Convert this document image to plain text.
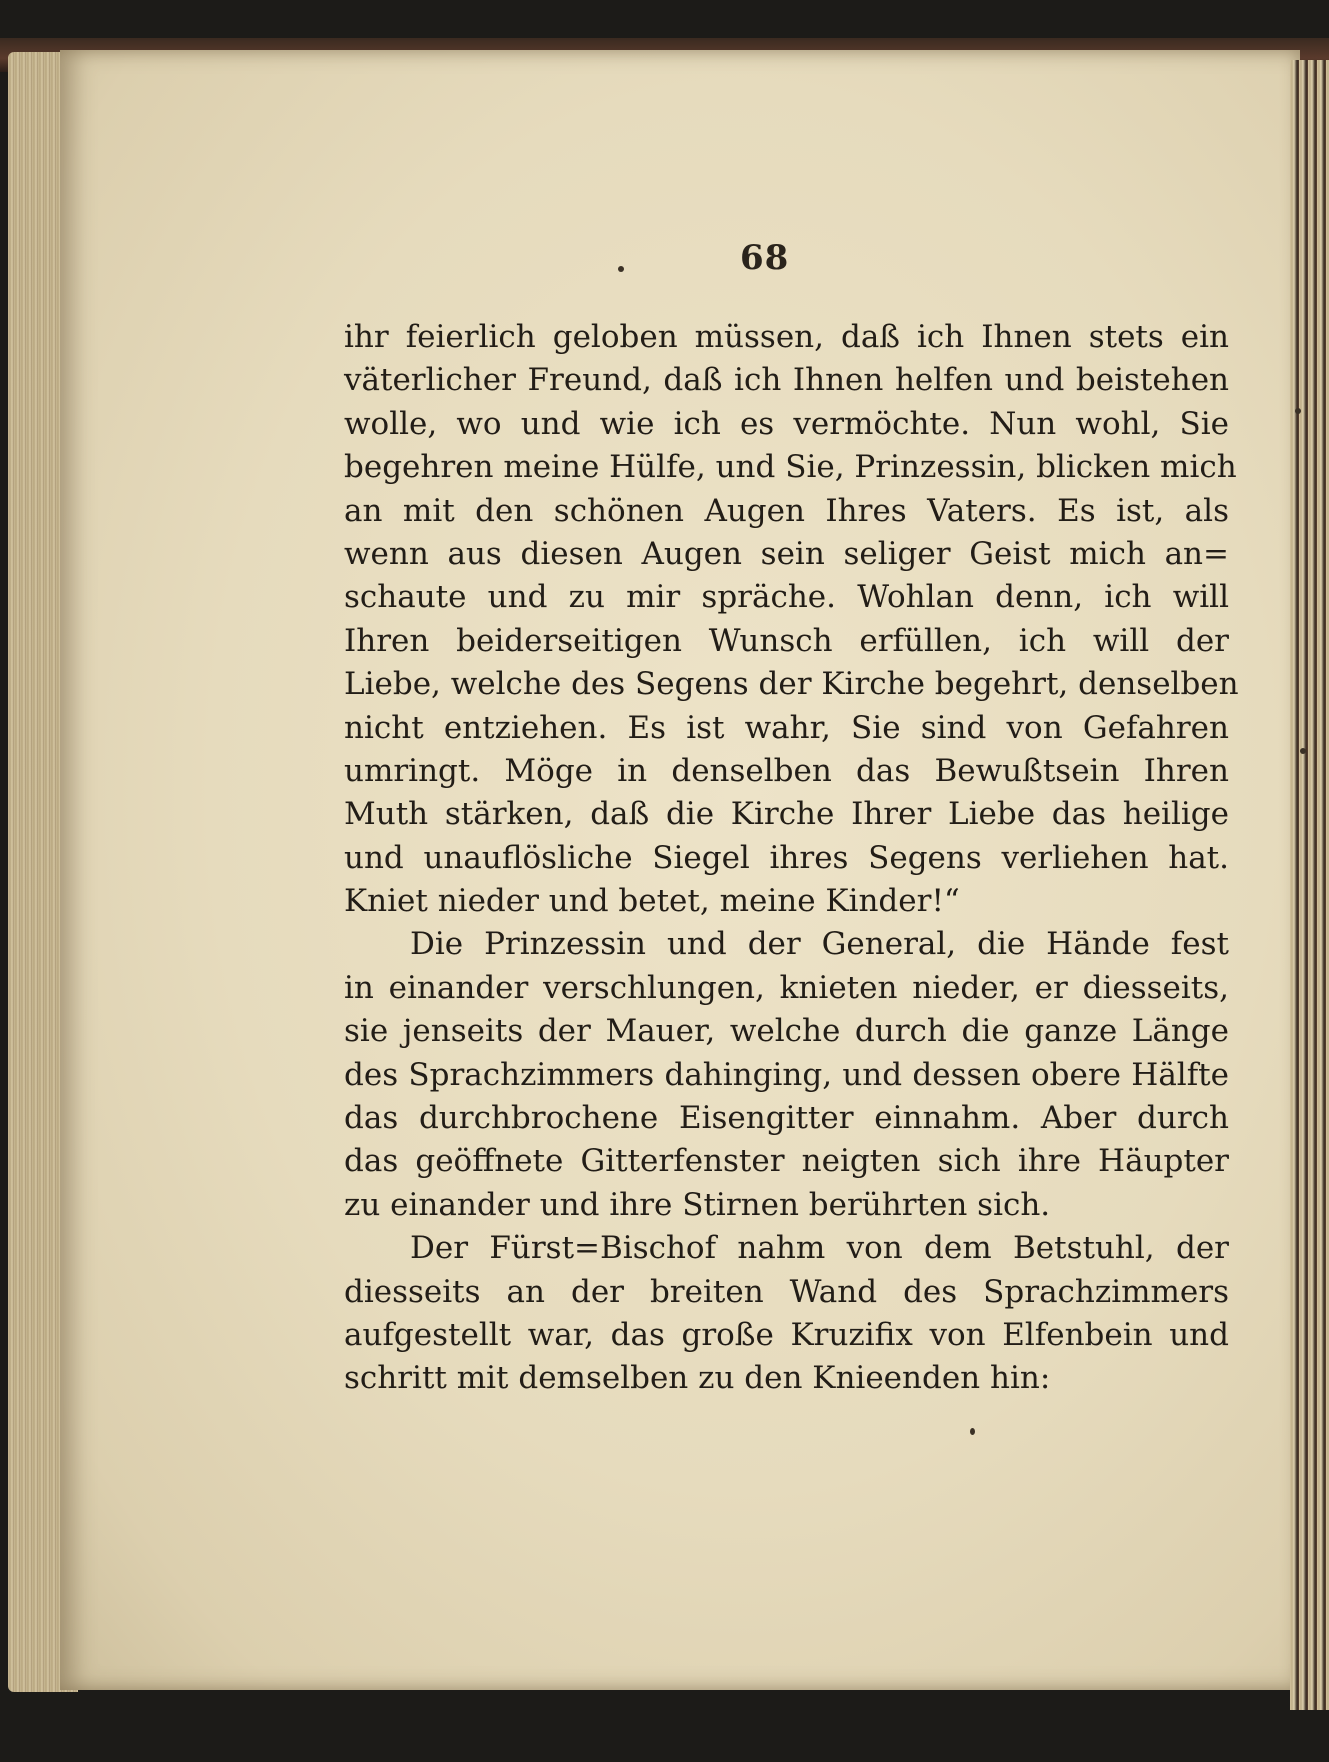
68
ihr feierlich geloben müssen, daß ich Ihnen stets ein
väterlicher Freund, daß ich Ihnen helfen und beistehen
wolle, wo und wie ich es vermöchte. Nun wohl, Sie
begehren meine Hülfe, und Sie, Prinzessin, blicken mich
an mit den schönen Augen Ihres Vaters. Es ist, als
wenn aus diesen Augen sein seliger Geist mich an=
schaute und zu mir spräche. Wohlan denn, ich will
Ihren beiderseitigen Wunsch erfüllen, ich will der
Liebe, welche des Segens der Kirche begehrt, denselben
nicht entziehen. Es ist wahr, Sie sind von Gefahren
umringt. Möge in denselben das Bewußtsein Ihren
Muth stärken, daß die Kirche Ihrer Liebe das heilige
und unauflösliche Siegel ihres Segens verliehen hat.
Kniet nieder und betet, meine Kinder!“
Die Prinzessin und der General, die Hände fest
in einander verschlungen, knieten nieder, er diesseits,
sie jenseits der Mauer, welche durch die ganze Länge
des Sprachzimmers dahinging, und dessen obere Hälfte
das durchbrochene Eisengitter einnahm. Aber durch
das geöffnete Gitterfenster neigten sich ihre Häupter
zu einander und ihre Stirnen berührten sich.
Der Fürst=Bischof nahm von dem Betstuhl, der
diesseits an der breiten Wand des Sprachzimmers
aufgestellt war, das große Kruzifix von Elfenbein und
schritt mit demselben zu den Knieenden hin:
